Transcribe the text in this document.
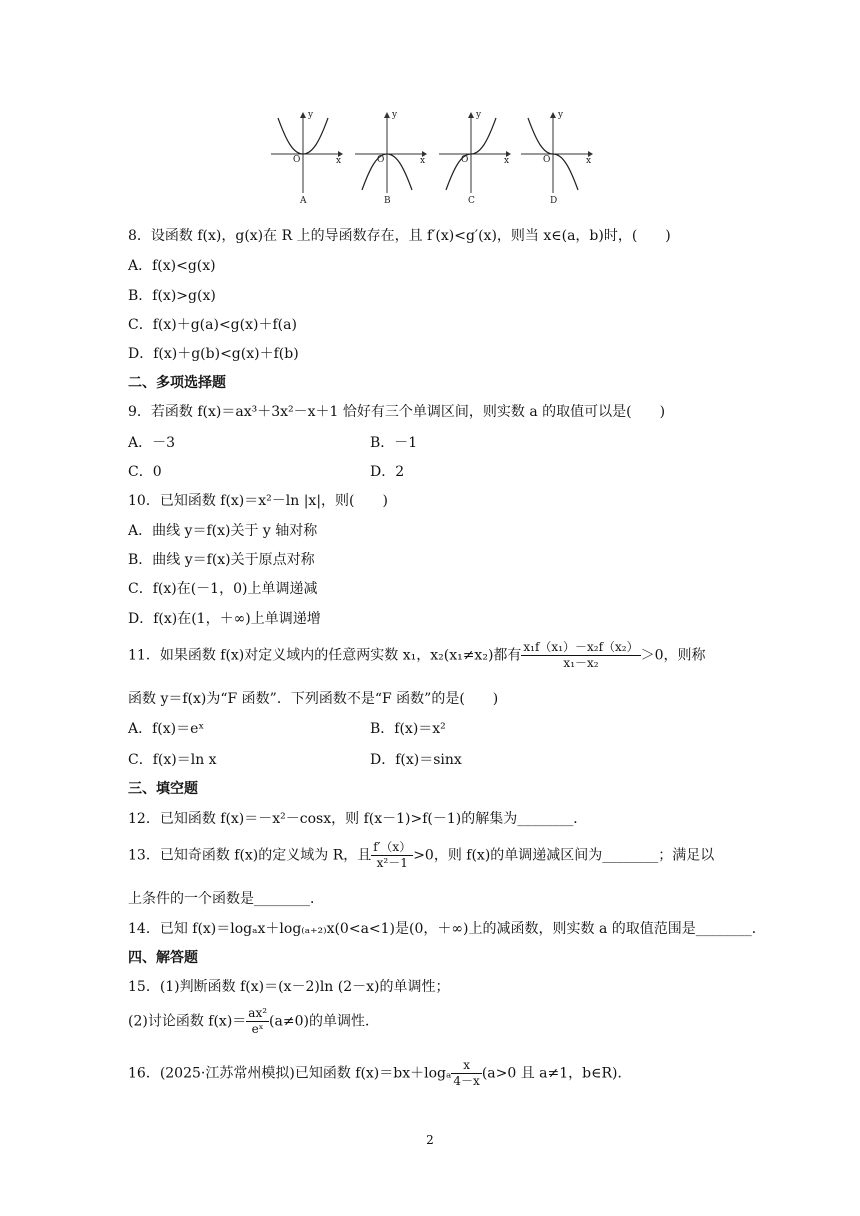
y
x
O
A
y
x
O
B
y
x
O
C
y
x
O
D
8．设函数 f(x)，g(x)在 R 上的导函数存在，且 f′(x)<g′(x)，则当 x∈(a，b)时，(　　)
A．f(x)<g(x)
B．f(x)>g(x)
C．f(x)＋g(a)<g(x)＋f(a)
D．f(x)＋g(b)<g(x)＋f(b)
二、多项选择题
9．若函数 f(x)＝ax³＋3x²－x＋1 恰好有三个单调区间，则实数 a 的取值可以是(　　)
A．－3	B．－1
C．0	D．2
10．已知函数 f(x)＝x²－ln |x|，则(　　)
A．曲线 y＝f(x)关于 y 轴对称
B．曲线 y＝f(x)关于原点对称
C．f(x)在(－1，0)上单调递减
D．f(x)在(1，＋∞)上单调递增
11．如果函数 f(x)对定义域内的任意两实数 x₁，x₂(x₁≠x₂)都有 $\frac{\text{x₁f（x₁）－x₂f（x₂）}}{\text{x₁－x₂}} >0$，则称
函数 y＝f(x)为“F 函数”．下列函数不是“F 函数”的是(　　)
A．f(x)＝eˣ	B．f(x)＝x²
C．f(x)＝ln x	D．f(x)＝sinx
三、填空题
12．已知函数 f(x)＝－x²－cosx，则 f(x－1)>f(－1)的解集为________．
13．已知奇函数 f(x)的定义域为 R，且 $\frac{f'(x)}{\text{x²－1}} >0$，则 f(x)的单调递减区间为________；满足以
上条件的一个函数是________．
14．已知 f(x)＝logₐx＋log₍ₐ₊₂₎x(0<a<1)是(0，＋∞)上的减函数，则实数 a 的取值范围是________．
四、解答题
15．(1)判断函数 f(x)＝(x－2)ln (2－x)的单调性；
(2)讨论函数 $f(x)= \frac{\text{ax²}}{\text{eˣ}} (a\ne 0)$的单调性．
16．(2025·江苏常州模拟)已知函数 $f(x)=bx+\log_a \frac{x}{4-x} (a>0$ 且 a≠1，b∈R)．
2
